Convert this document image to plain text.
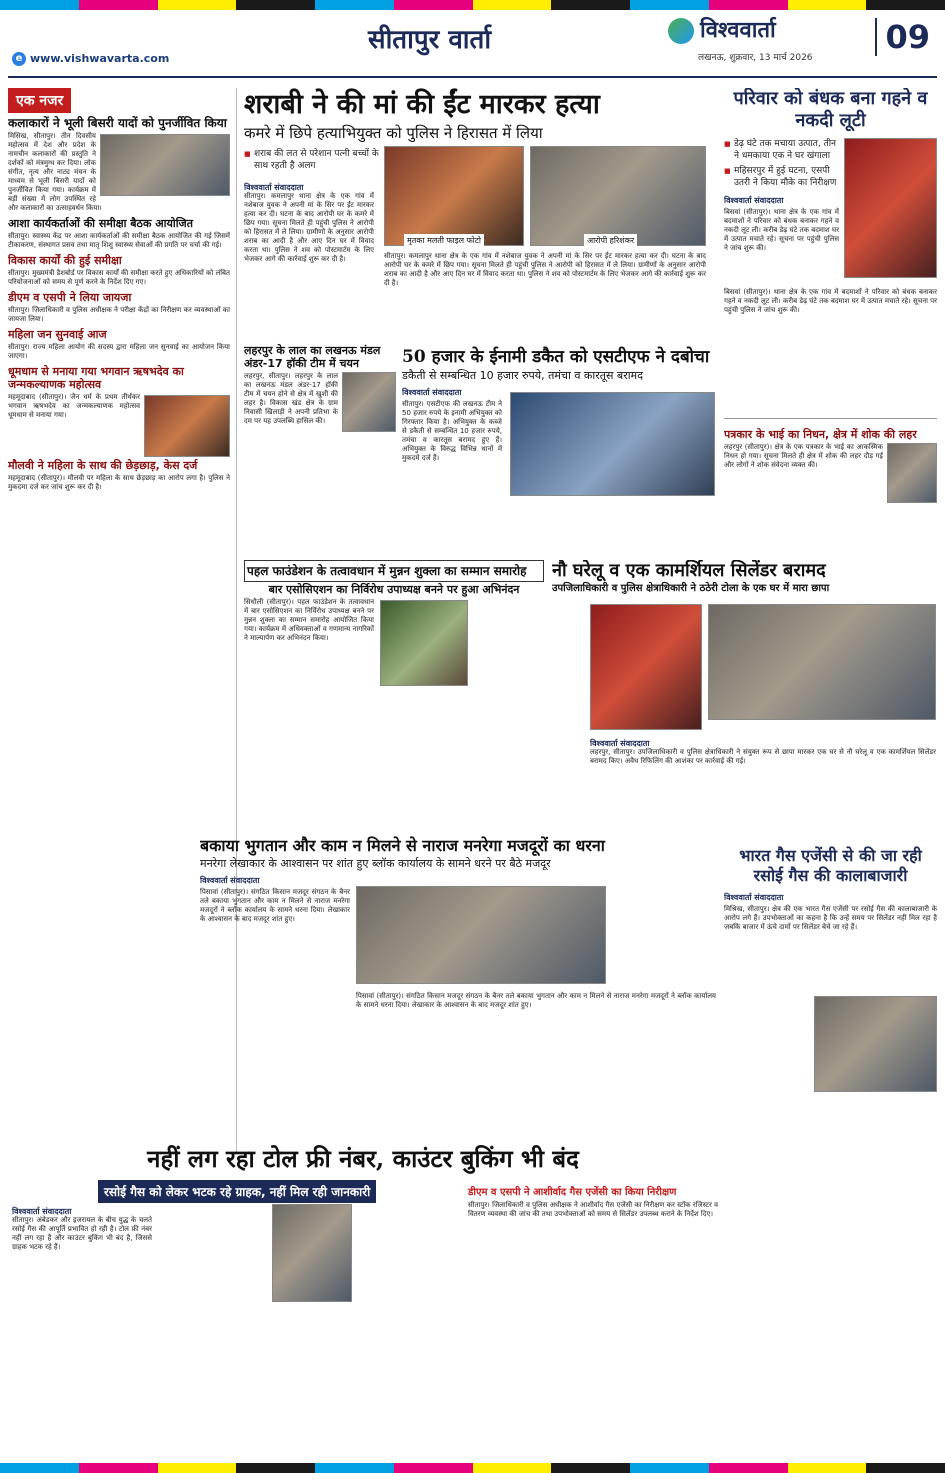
e www.vishwavarta.com
सीतापुर वार्ता	विश्ववार्ता
लखनऊ, शुक्रवार, 13 मार्च 2026
09
एक नजर
कलाकारों ने भूली बिसरी यादों को पुनर्जीवित किया
मिसिख, सीतापुर। तीन दिवसीय महोत्सव में देश और प्रदेश के नामचीन कलाकारों की प्रस्तुति ने दर्शकों को मंत्रमुग्ध कर दिया। लोक संगीत, नृत्य और नाट्य मंचन के माध्यम से भूली बिसरी यादों को पुनर्जीवित किया गया। कार्यक्रम में बड़ी संख्या में लोग उपस्थित रहे और कलाकारों का उत्साहवर्धन किया।
आशा कार्यकर्ताओं की समीक्षा बैठक आयोजित
सीतापुर। स्वास्थ्य केंद्र पर आशा कार्यकर्ताओं की समीक्षा बैठक आयोजित की गई जिसमें टीकाकरण, संस्थागत प्रसव तथा मातृ शिशु स्वास्थ्य सेवाओं की प्रगति पर चर्चा की गई।
विकास कार्यों की हुई समीक्षा
सीतापुर। मुख्यमंत्री डैशबोर्ड पर विकास कार्यों की समीक्षा करते हुए अधिकारियों को लंबित परियोजनाओं को समय से पूर्ण करने के निर्देश दिए गए।
डीएम व एसपी ने लिया जायजा
सीतापुर। जिलाधिकारी व पुलिस अधीक्षक ने परीक्षा केंद्रों का निरीक्षण कर व्यवस्थाओं का जायजा लिया।
महिला जन सुनवाई आज
सीतापुर। राज्य महिला आयोग की सदस्य द्वारा महिला जन सुनवाई का आयोजन किया जाएगा।
धूमधाम से मनाया गया भगवान ऋषभदेव का जन्मकल्याणक महोत्सव
महमूदाबाद (सीतापुर)। जैन धर्म के प्रथम तीर्थंकर भगवान ऋषभदेव का जन्मकल्याणक महोत्सव धूमधाम से मनाया गया।
मौलवी ने महिला के साथ की छेड़छाड़, केस दर्ज
महमूदाबाद (सीतापुर)। मौलवी पर महिला के साथ छेड़छाड़ का आरोप लगा है। पुलिस ने मुकदमा दर्ज कर जांच शुरू कर दी है।
शराबी ने की मां की ईंट मारकर हत्या
कमरे में छिपे हत्याभियुक्त को पुलिस ने हिरासत में लिया
■ शराब की लत से परेशान पत्नी बच्चों के साथ रहती है अलग
विश्ववार्ता संवाददाता
सीतापुर। कमलापुर थाना क्षेत्र के एक गांव में नशेबाज युवक ने अपनी मां के सिर पर ईंट मारकर हत्या कर दी। घटना के बाद आरोपी घर के कमरे में छिप गया। सूचना मिलते ही पहुंची पुलिस ने आरोपी को हिरासत में ले लिया। ग्रामीणों के अनुसार आरोपी शराब का आदी है और आए दिन घर में विवाद करता था। पुलिस ने शव को पोस्टमार्टम के लिए भेजकर आगे की कार्रवाई शुरू कर दी है।
मृतका मलती फाइल फोटो	आरोपी हरिशंकर
सीतापुर। कमलापुर थाना क्षेत्र के एक गांव में नशेबाज युवक ने अपनी मां के सिर पर ईंट मारकर हत्या कर दी। घटना के बाद आरोपी घर के कमरे में छिप गया। सूचना मिलते ही पहुंची पुलिस ने आरोपी को हिरासत में ले लिया। ग्रामीणों के अनुसार आरोपी शराब का आदी है और आए दिन घर में विवाद करता था। पुलिस ने शव को पोस्टमार्टम के लिए भेजकर आगे की कार्रवाई शुरू कर दी है।
परिवार को बंधक बना गहने व नकदी लूटी
■ डेढ़ घंटे तक मचाया उत्पात, तीन ने धमकाया एक ने घर खंगाला
■ महिसरपुर में हुई घटना, एसपी उतरी ने किया मौके का निरीक्षण
विश्ववार्ता संवाददाता
बिसवां (सीतापुर)। थाना क्षेत्र के एक गांव में बदमाशों ने परिवार को बंधक बनाकर गहने व नकदी लूट ली। करीब डेढ़ घंटे तक बदमाश घर में उत्पात मचाते रहे। सूचना पर पहुंची पुलिस ने जांच शुरू की।
बिसवां (सीतापुर)। थाना क्षेत्र के एक गांव में बदमाशों ने परिवार को बंधक बनाकर गहने व नकदी लूट ली। करीब डेढ़ घंटे तक बदमाश घर में उत्पात मचाते रहे। सूचना पर पहुंची पुलिस ने जांच शुरू की।
पत्रकार के भाई का निधन, क्षेत्र में शोक की लहर
लहरपुर (सीतापुर)। क्षेत्र के एक पत्रकार के भाई का आकस्मिक निधन हो गया। सूचना मिलते ही क्षेत्र में शोक की लहर दौड़ गई और लोगों ने शोक संवेदना व्यक्त की।
लहरपुर के लाल का लखनऊ मंडल अंडर-17 हॉकी टीम में चयन
लहरपुर, सीतापुर। लहरपुर के लाल का लखनऊ मंडल अंडर-17 हॉकी टीम में चयन होने से क्षेत्र में खुशी की लहर है। विकास खंड क्षेत्र के ग्राम निवासी खिलाड़ी ने अपनी प्रतिभा के दम पर यह उपलब्धि हासिल की।
50 हजार के ईनामी डकैत को एसटीएफ ने दबोचा
डकैती से सम्बन्धित 10 हजार रुपये, तमंचा व कारतूस बरामद
विश्ववार्ता संवाददाता
सीतापुर। एसटीएफ की लखनऊ टीम ने 50 हजार रुपये के इनामी अभियुक्त को गिरफ्तार किया है। अभियुक्त के कब्जे से डकैती से सम्बन्धित 10 हजार रुपये, तमंचा व कारतूस बरामद हुए हैं। अभियुक्त के विरुद्ध विभिन्न थानों में मुकदमे दर्ज हैं।
पहल फाउंडेशन के तत्वावधान में मुन्नन शुक्ला का सम्मान समारोह
बार एसोसिएशन का निर्विरोध उपाध्यक्ष बनने पर हुआ अभिनंदन
सिधौली (सीतापुर)। पहल फाउंडेशन के तत्वावधान में बार एसोसिएशन का निर्विरोध उपाध्यक्ष बनने पर मुन्नन शुक्ला का सम्मान समारोह आयोजित किया गया। कार्यक्रम में अधिवक्ताओं व गणमान्य नागरिकों ने माल्यार्पण कर अभिनंदन किया।
नौ घरेलू व एक कामर्शियल सिलेंडर बरामद
उपजिलाधिकारी व पुलिस क्षेत्राधिकारी ने ठठेरी टोला के एक घर में मारा छापा
विश्ववार्ता संवाददाता
लहरपुर, सीतापुर। उपजिलाधिकारी व पुलिस क्षेत्राधिकारी ने संयुक्त रूप से छापा मारकर एक घर से नौ घरेलू व एक कामर्शियल सिलेंडर बरामद किए। अवैध रिफिलिंग की आशंका पर कार्रवाई की गई।
बकाया भुगतान और काम न मिलने से नाराज मनरेगा मजदूरों का धरना
मनरेगा लेखाकार के आश्वासन पर शांत हुए ब्लॉक कार्यालय के सामने धरने पर बैठे मजदूर
विश्ववार्ता संवाददाता
पिसावां (सीतापुर)। संगठित किसान मजदूर संगठन के बैनर तले बकाया भुगतान और काम न मिलने से नाराज मनरेगा मजदूरों ने ब्लॉक कार्यालय के सामने धरना दिया। लेखाकार के आश्वासन के बाद मजदूर शांत हुए।
पिसावां (सीतापुर)। संगठित किसान मजदूर संगठन के बैनर तले बकाया भुगतान और काम न मिलने से नाराज मनरेगा मजदूरों ने ब्लॉक कार्यालय के सामने धरना दिया। लेखाकार के आश्वासन के बाद मजदूर शांत हुए।
भारत गैस एजेंसी से की जा रही रसोई गैस की कालाबाजारी
विश्ववार्ता संवाददाता
मिश्रिख, सीतापुर। क्षेत्र की एक भारत गैस एजेंसी पर रसोई गैस की कालाबाजारी के आरोप लगे हैं। उपभोक्ताओं का कहना है कि उन्हें समय पर सिलेंडर नहीं मिल रहा है जबकि बाजार में ऊंचे दामों पर सिलेंडर बेचे जा रहे हैं।
नहीं लग रहा टोल फ्री नंबर, काउंटर बुकिंग भी बंद
रसोई गैस को लेकर भटक रहे ग्राहक, नहीं मिल रही जानकारी
विश्ववार्ता संवाददाता
सीतापुर। अंबेडकर और इजरायल के बीच युद्ध के चलते रसोई गैस की आपूर्ति प्रभावित हो रही है। टोल फ्री नंबर नहीं लग रहा है और काउंटर बुकिंग भी बंद है, जिससे ग्राहक भटक रहे हैं।
डीएम व एसपी ने आशीर्वाद गैस एजेंसी का किया निरीक्षण
सीतापुर। जिलाधिकारी व पुलिस अधीक्षक ने आशीर्वाद गैस एजेंसी का निरीक्षण कर स्टॉक रजिस्टर व वितरण व्यवस्था की जांच की तथा उपभोक्ताओं को समय से सिलेंडर उपलब्ध कराने के निर्देश दिए।
